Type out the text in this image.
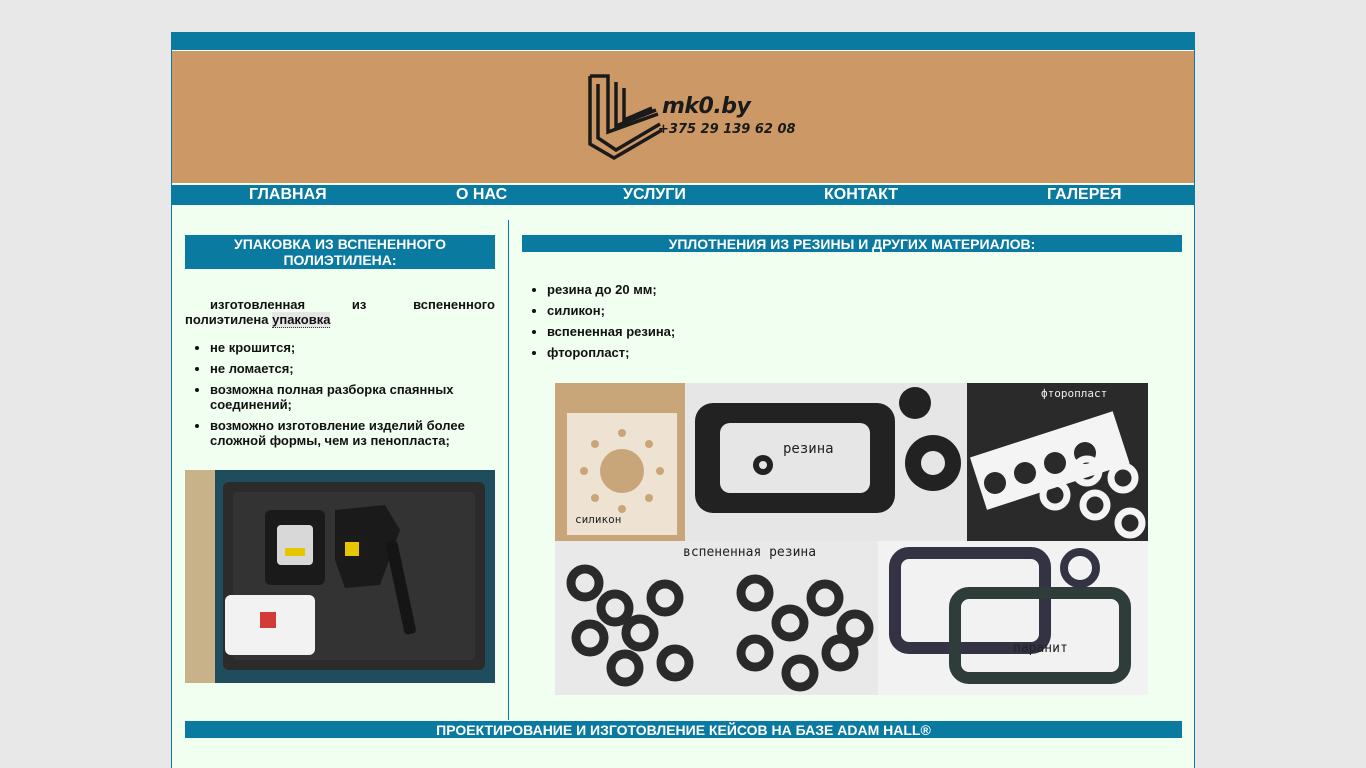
mk0.by
+375 29 139 62 08
ГЛАВНАЯ	О НАС	УСЛУГИ	КОНТАКТ	ГАЛЕРЕЯ
УПАКОВКА ИЗ ВСПЕНЕННОГО ПОЛИЭТИЛЕНА:
изготовленная из вспененного полиэтилена упаковка
• не крошится;
• не ломается;
• возможна полная разборка спаянных соединений;
• возможно изготовление изделий более сложной формы, чем из пенопласта;
УПЛОТНЕНИЯ ИЗ РЕЗИНЫ И ДРУГИХ МАТЕРИАЛОВ:
• резина до 20 мм;
• силикон;
• вспененная резина;
• фторопласт;
резина
фторопласт
силикон
вспененная резина
паранит
ПРОЕКТИРОВАНИЕ И ИЗГОТОВЛЕНИЕ КЕЙСОВ НА БАЗЕ ADAM HALL®
